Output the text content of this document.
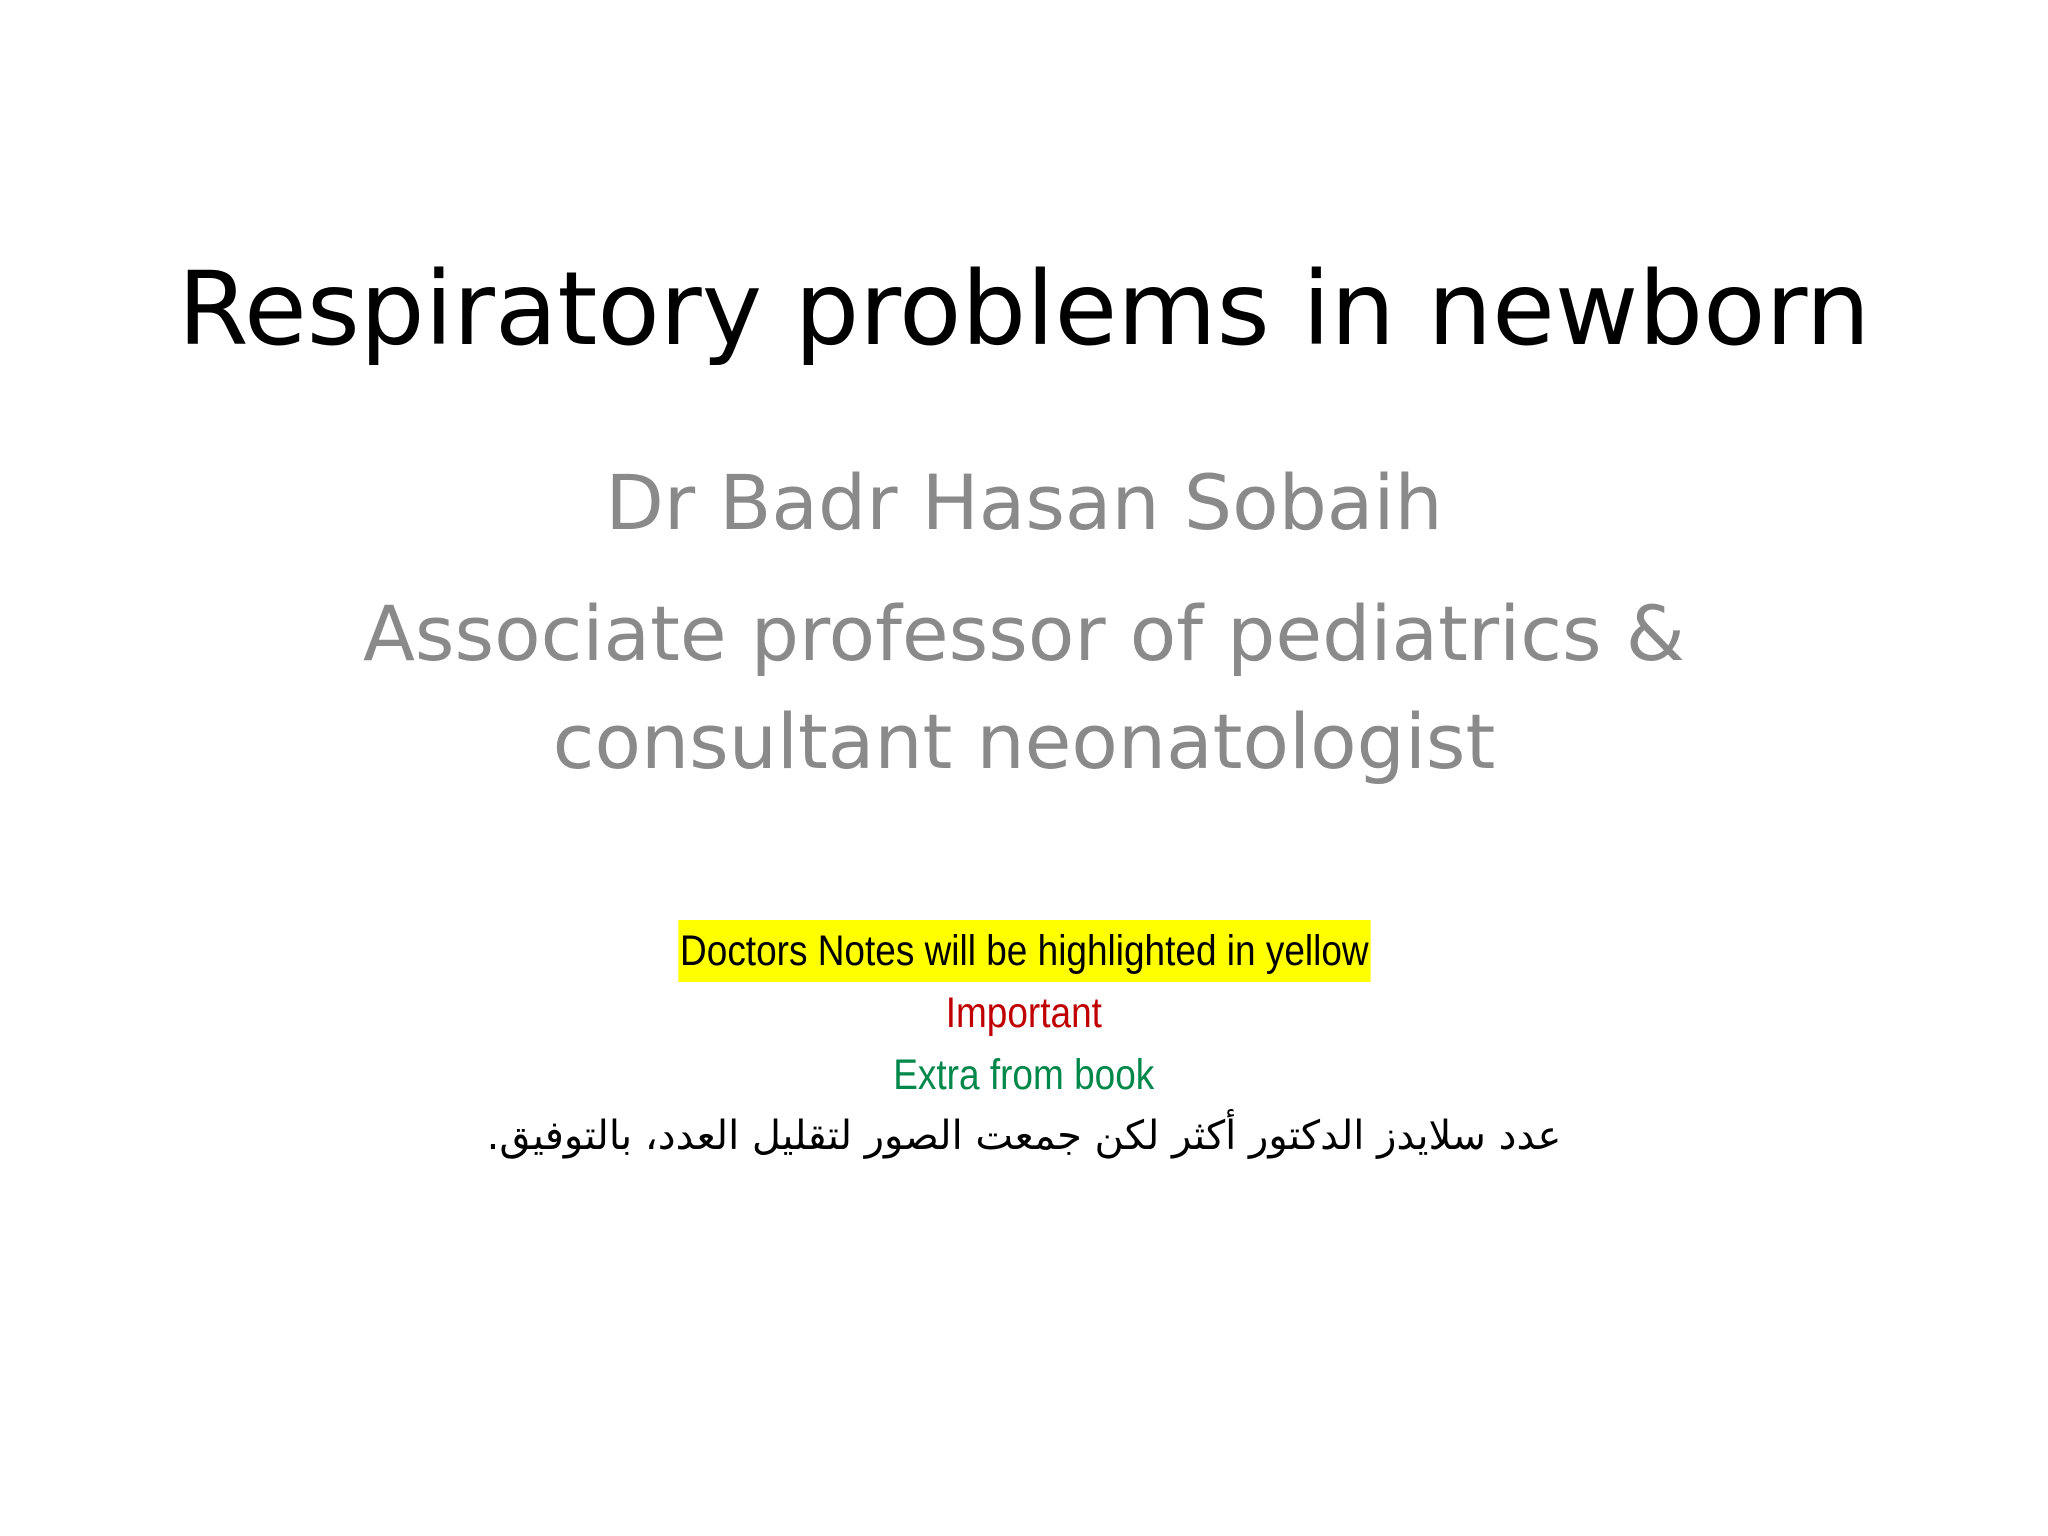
Respiratory problems in newborn
Dr Badr Hasan Sobaih
Associate professor of pediatrics & consultant neonatologist
Doctors Notes will be highlighted in yellow
Important
Extra from book
عدد سلايدز الدكتور أكثر لكن جمعت الصور لتقليل العدد، بالتوفيق.
